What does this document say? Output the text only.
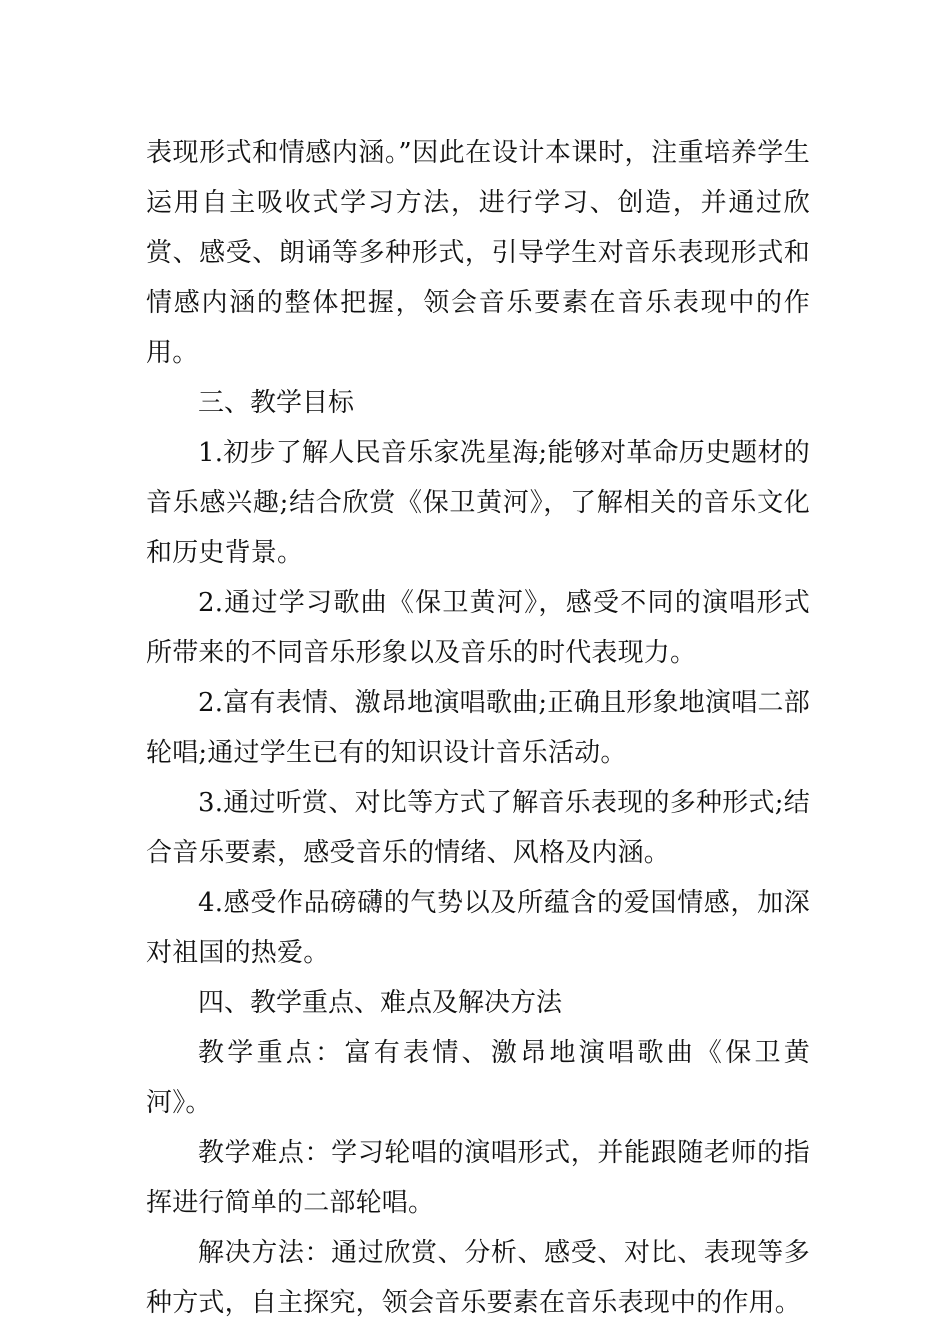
表现形式和情感内涵。”因此在设计本课时，注重培养学生运用自主吸收式学习方法，进行学习、创造，并通过欣赏、感受、朗诵等多种形式，引导学生对音乐表现形式和情感内涵的整体把握，领会音乐要素在音乐表现中的作用。

三、教学目标

1.初步了解人民音乐家冼星海;能够对革命历史题材的音乐感兴趣;结合欣赏《保卫黄河》，了解相关的音乐文化和历史背景。

2.通过学习歌曲《保卫黄河》，感受不同的演唱形式所带来的不同音乐形象以及音乐的时代表现力。

2.富有表情、激昂地演唱歌曲;正确且形象地演唱二部轮唱;通过学生已有的知识设计音乐活动。

3.通过听赏、对比等方式了解音乐表现的多种形式;结合音乐要素，感受音乐的情绪、风格及内涵。

4.感受作品磅礴的气势以及所蕴含的爱国情感，加深对祖国的热爱。

四、教学重点、难点及解决方法

教学重点：富有表情、激昂地演唱歌曲《保卫黄河》。

教学难点：学习轮唱的演唱形式，并能跟随老师的指挥进行简单的二部轮唱。

解决方法：通过欣赏、分析、感受、对比、表现等多种方式，自主探究，领会音乐要素在音乐表现中的作用。
